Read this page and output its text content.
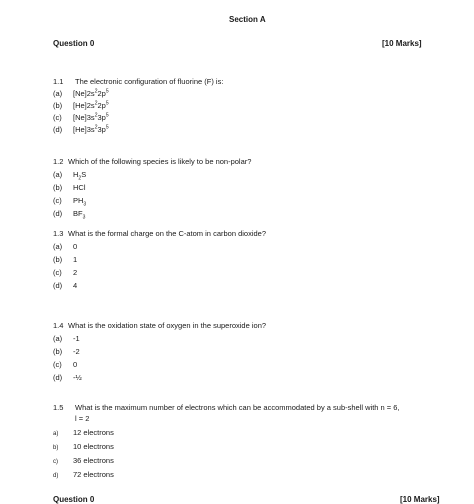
Section A
Question 0	[10 Marks]
1.1 The electronic configuration of fluorine (F) is:
(a) $[Ne]2s^22p^5$
(b) $[He]2s^22p^5$
(c) $[Ne]3s^23p^5$
(d) $[He]3s^23p^5$
1.2 Which of the following species is likely to be non-polar?
(a) $H_2S$
(b) HCl
(c) $PH_3$
(d) $BF_3$
1.3 What is the formal charge on the C-atom in carbon dioxide?
(a) 0
(b) 1
(c) 2
(d) 4
1.4 What is the oxidation state of oxygen in the superoxide ion?
(a) -1
(b) -2
(c) 0
(d) -½
1.5 What is the maximum number of electrons which can be accommodated by a sub-shell with n = 6,
l = 2
a) 12 electrons
b) 10 electrons
c) 36 electrons
d) 72 electrons
Question 0	[10 Marks]
